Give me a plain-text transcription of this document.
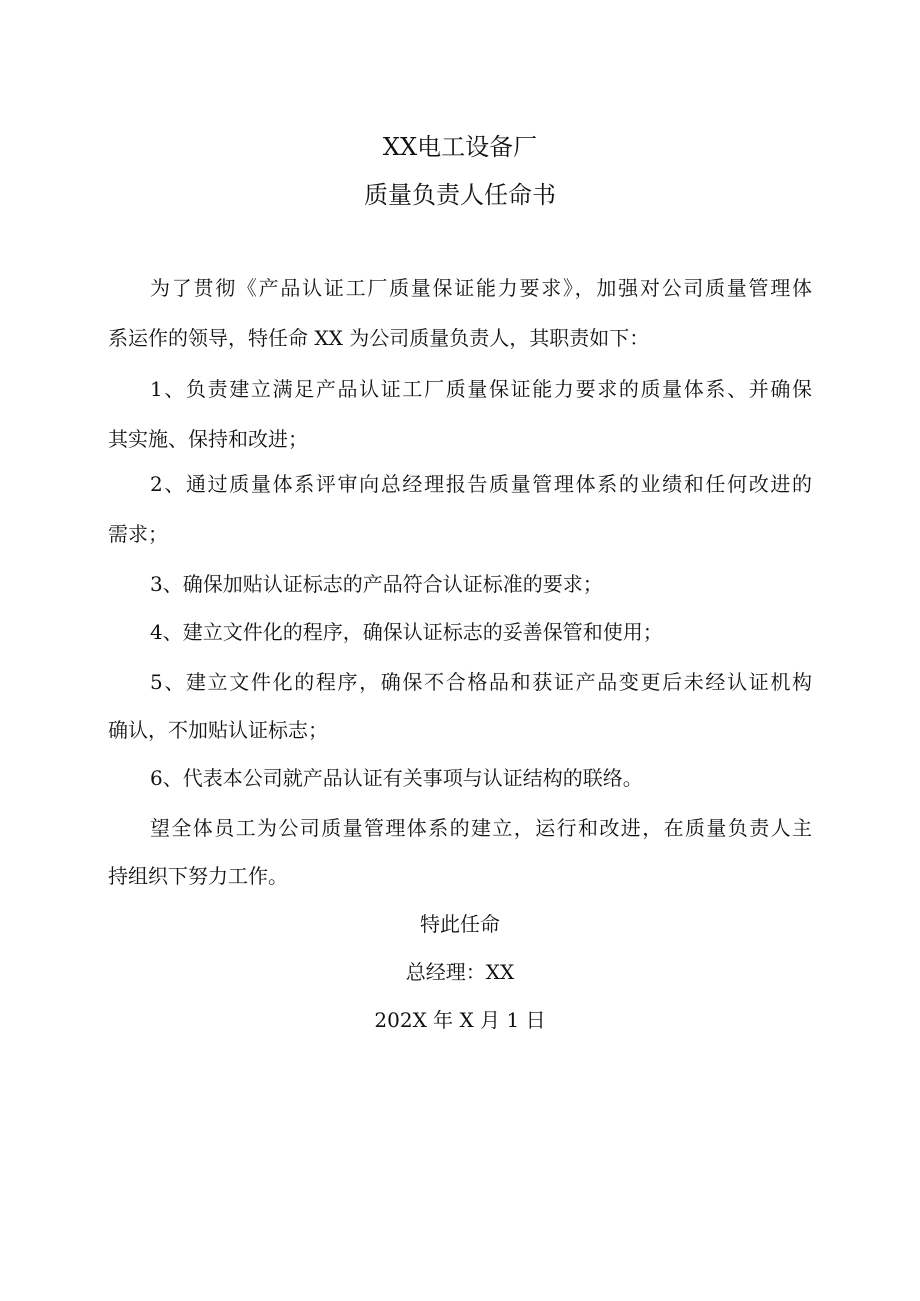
XX电工设备厂
质量负责人任命书
为了贯彻《产品认证工厂质量保证能力要求》，加强对公司质量管理体
系运作的领导，特任命 XX 为公司质量负责人，其职责如下：
1、负责建立满足产品认证工厂质量保证能力要求的质量体系、并确保
其实施、保持和改进；
2、通过质量体系评审向总经理报告质量管理体系的业绩和任何改进的
需求；
3、确保加贴认证标志的产品符合认证标准的要求；
4、建立文件化的程序，确保认证标志的妥善保管和使用；
5、建立文件化的程序，确保不合格品和获证产品变更后未经认证机构
确认，不加贴认证标志；
6、代表本公司就产品认证有关事项与认证结构的联络。
望全体员工为公司质量管理体系的建立，运行和改进，在质量负责人主
持组织下努力工作。
特此任命
总经理：XX
202X 年 X 月 1 日
